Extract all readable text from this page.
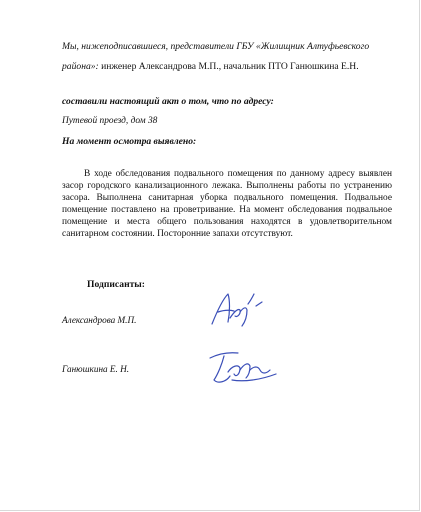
Мы, нижеподписавшиеся, представители ГБУ «Жилищник Алтуфьевского
района»: инженер Александрова М.П., начальник ПТО Ганюшкина Е.Н.
составили настоящий акт о том, что по адресу:
Путевой проезд, дом 38
На момент осмотра выявлено:

В ходе обследования подвального помещения по данному адресу выявлен засор городского канализационного лежака. Выполнены работы по устранению засора. Выполнена санитарная уборка подвального помещения. Подвальное помещение поставлено на проветривание. На момент обследования подвальное помещение и места общего пользования находятся в удовлетворительном санитарном состоянии. Посторонние запахи отсутствуют.

Подписанты:
Александрова М.П.
Ганюшкина Е. Н.
